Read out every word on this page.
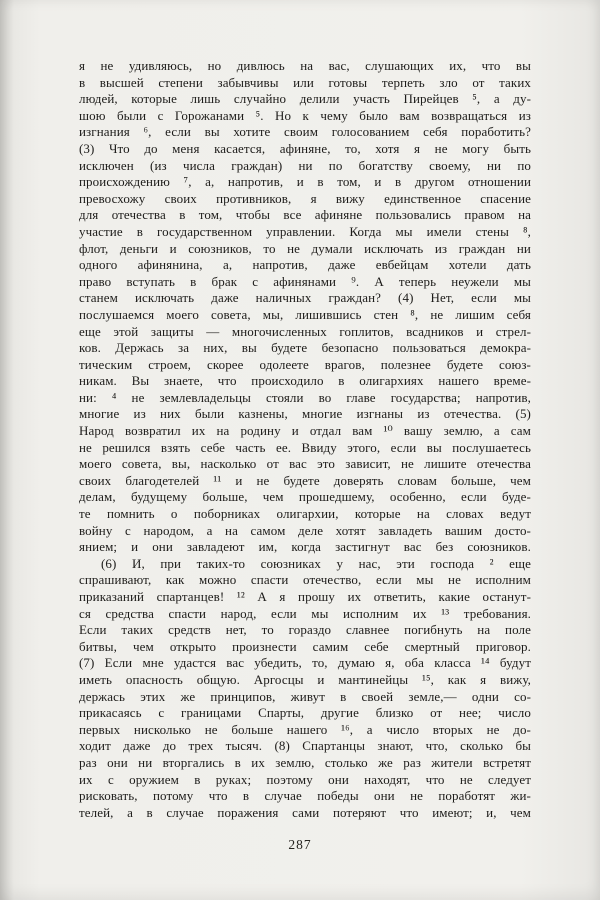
я не удивляюсь, но дивлюсь на вас, слушающих их, что вы
в высшей степени забывчивы или готовы терпеть зло от таких
людей, которые лишь случайно делили участь Пирейцев ⁵, а ду-
шою были с Горожанами ⁵. Но к чему было вам возвращаться из
изгнания ⁶, если вы хотите своим голосованием себя поработить?
(3) Что до меня касается, афиняне, то, хотя я не могу быть
исключен (из числа граждан) ни по богатству своему, ни по
происхождению ⁷, а, напротив, и в том, и в другом отношении
превосхожу своих противников, я вижу единственное спасение
для отечества в том, чтобы все афиняне пользовались правом на
участие в государственном управлении. Когда мы имели стены ⁸,
флот, деньги и союзников, то не думали исключать из граждан ни
одного афинянина, а, напротив, даже евбейцам хотели дать
право вступать в брак с афинянами ⁹. А теперь неужели мы
станем исключать даже наличных граждан? (4) Нет, если мы
послушаемся моего совета, мы, лишившись стен ⁸, не лишим себя
еще этой защиты — многочисленных гоплитов, всадников и стрел-
ков. Держась за них, вы будете безопасно пользоваться демокра-
тическим строем, скорее одолеете врагов, полезнее будете союз-
никам. Вы знаете, что происходило в олигархиях нашего време-
ни: ⁴ не землевладельцы стояли во главе государства; напротив,
многие из них были казнены, многие изгнаны из отечества. (5)
Народ возвратил их на родину и отдал вам ¹⁰ вашу землю, а сам
не решился взять себе часть ее. Ввиду этого, если вы послушаетесь
моего совета, вы, насколько от вас это зависит, не лишите отечества
своих благодетелей ¹¹ и не будете доверять словам больше, чем
делам, будущему больше, чем прошедшему, особенно, если буде-
те помнить о поборниках олигархии, которые на словах ведут
войну с народом, а на самом деле хотят завладеть вашим досто-
янием; и они завладеют им, когда застигнут вас без союзников.
(6) И, при таких-то союзниках у нас, эти господа ² еще
спрашивают, как можно спасти отечество, если мы не исполним
приказаний спартанцев! ¹² А я прошу их ответить, какие останут-
ся средства спасти народ, если мы исполним их ¹³ требования.
Если таких средств нет, то гораздо славнее погибнуть на поле
битвы, чем открыто произнести самим себе смертный приговор.
(7) Если мне удастся вас убедить, то, думаю я, оба класса ¹⁴ будут
иметь опасность общую. Аргосцы и мантинейцы ¹⁵, как я вижу,
держась этих же принципов, живут в своей земле,— одни со-
прикасаясь с границами Спарты, другие близко от нее; число
первых нисколько не больше нашего ¹⁶, а число вторых не до-
ходит даже до трех тысяч. (8) Спартанцы знают, что, сколько бы
раз они ни вторгались в их землю, столько же раз жители встретят
их с оружием в руках; поэтому они находят, что не следует
рисковать, потому что в случае победы они не поработят жи-
телей, а в случае поражения сами потеряют что имеют; и, чем
287
